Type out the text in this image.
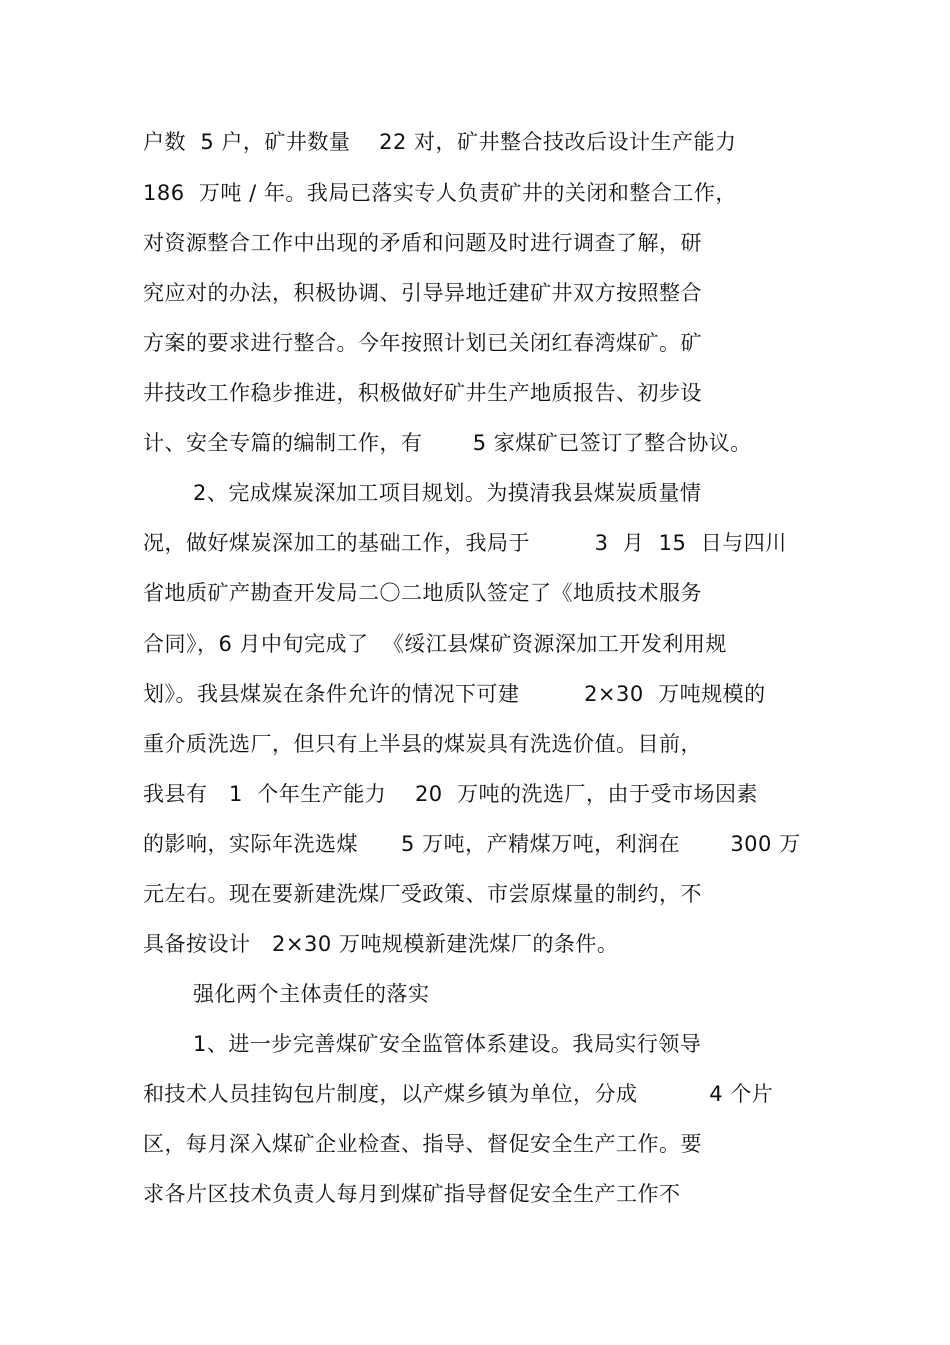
户数  5 户，矿井数量    22 对，矿井整合技改后设计生产能力
186  万吨 / 年。我局已落实专人负责矿井的关闭和整合工作，
对资源整合工作中出现的矛盾和问题及时进行调查了解，研
究应对的办法，积极协调、引导异地迁建矿井双方按照整合
方案的要求进行整合。今年按照计划已关闭红春湾煤矿。矿
井技改工作稳步推进，积极做好矿井生产地质报告、初步设
计、安全专篇的编制工作，有       5 家煤矿已签订了整合协议。
2、完成煤炭深加工项目规划。为摸清我县煤炭质量情
况，做好煤炭深加工的基础工作，我局于         3  月  15  日与四川
省地质矿产勘查开发局二〇二地质队签定了《地质技术服务
合同》，6 月中旬完成了  《绥江县煤矿资源深加工开发利用规
划》。我县煤炭在条件允许的情况下可建         2×30  万吨规模的
重介质洗选厂，但只有上半县的煤炭具有洗选价值。目前，
我县有   1  个年生产能力    20  万吨的洗选厂，由于受市场因素
的影响，实际年洗选煤      5 万吨，产精煤万吨，利润在       300 万
元左右。现在要新建洗煤厂受政策、市尝原煤量的制约，不
具备按设计   2×30 万吨规模新建洗煤厂的条件。
强化两个主体责任的落实
1、进一步完善煤矿安全监管体系建设。我局实行领导
和技术人员挂钩包片制度，以产煤乡镇为单位，分成          4 个片
区，每月深入煤矿企业检查、指导、督促安全生产工作。要
求各片区技术负责人每月到煤矿指导督促安全生产工作不
